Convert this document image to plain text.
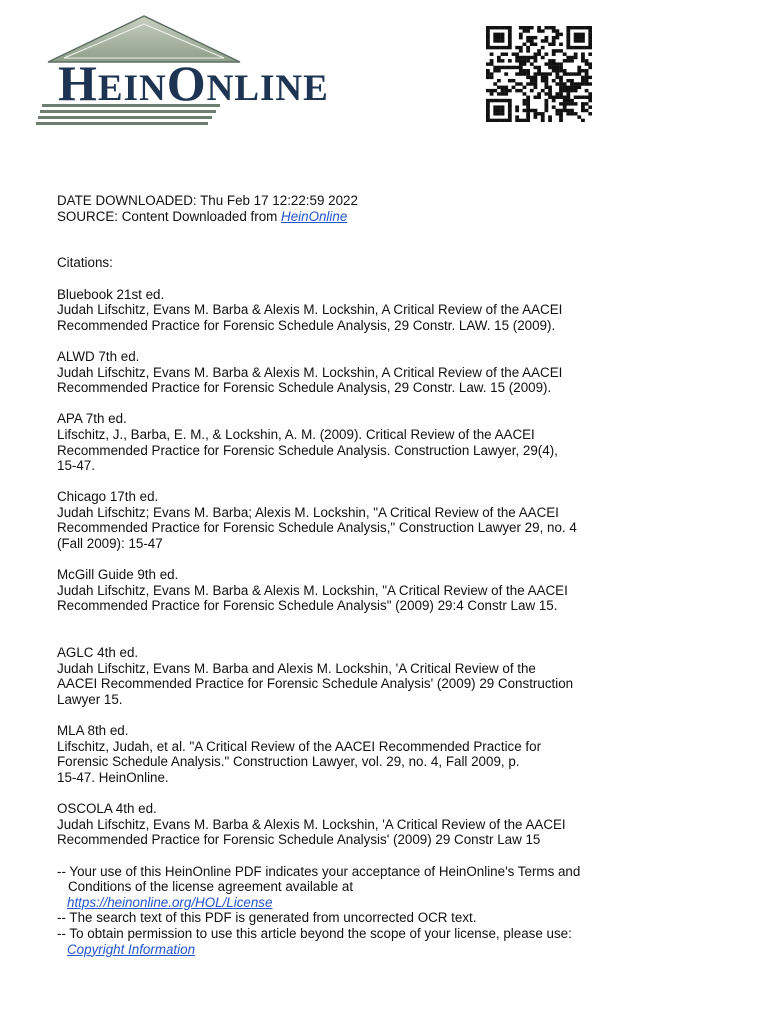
HEINONLINE
DATE DOWNLOADED: Thu Feb 17 12:22:59 2022
SOURCE: Content Downloaded from HeinOnline
Citations:
Bluebook 21st ed.
Judah Lifschitz, Evans M. Barba & Alexis M. Lockshin, A Critical Review of the AACEI
Recommended Practice for Forensic Schedule Analysis, 29 Constr. LAW. 15 (2009).
ALWD 7th ed.
Judah Lifschitz, Evans M. Barba & Alexis M. Lockshin, A Critical Review of the AACEI
Recommended Practice for Forensic Schedule Analysis, 29 Constr. Law. 15 (2009).
APA 7th ed.
Lifschitz, J., Barba, E. M., & Lockshin, A. M. (2009). Critical Review of the AACEI
Recommended Practice for Forensic Schedule Analysis. Construction Lawyer, 29(4),
15-47.
Chicago 17th ed.
Judah Lifschitz; Evans M. Barba; Alexis M. Lockshin, "A Critical Review of the AACEI
Recommended Practice for Forensic Schedule Analysis," Construction Lawyer 29, no. 4
(Fall 2009): 15-47
McGill Guide 9th ed.
Judah Lifschitz, Evans M. Barba & Alexis M. Lockshin, "A Critical Review of the AACEI
Recommended Practice for Forensic Schedule Analysis" (2009) 29:4 Constr Law 15.
AGLC 4th ed.
Judah Lifschitz, Evans M. Barba and Alexis M. Lockshin, 'A Critical Review of the
AACEI Recommended Practice for Forensic Schedule Analysis' (2009) 29 Construction
Lawyer 15.
MLA 8th ed.
Lifschitz, Judah, et al. "A Critical Review of the AACEI Recommended Practice for
Forensic Schedule Analysis." Construction Lawyer, vol. 29, no. 4, Fall 2009, p.
15-47. HeinOnline.
OSCOLA 4th ed.
Judah Lifschitz, Evans M. Barba & Alexis M. Lockshin, 'A Critical Review of the AACEI
Recommended Practice for Forensic Schedule Analysis' (2009) 29 Constr Law 15
-- Your use of this HeinOnline PDF indicates your acceptance of HeinOnline's Terms and
Conditions of the license agreement available at
https://heinonline.org/HOL/License
-- The search text of this PDF is generated from uncorrected OCR text.
-- To obtain permission to use this article beyond the scope of your license, please use:
Copyright Information
